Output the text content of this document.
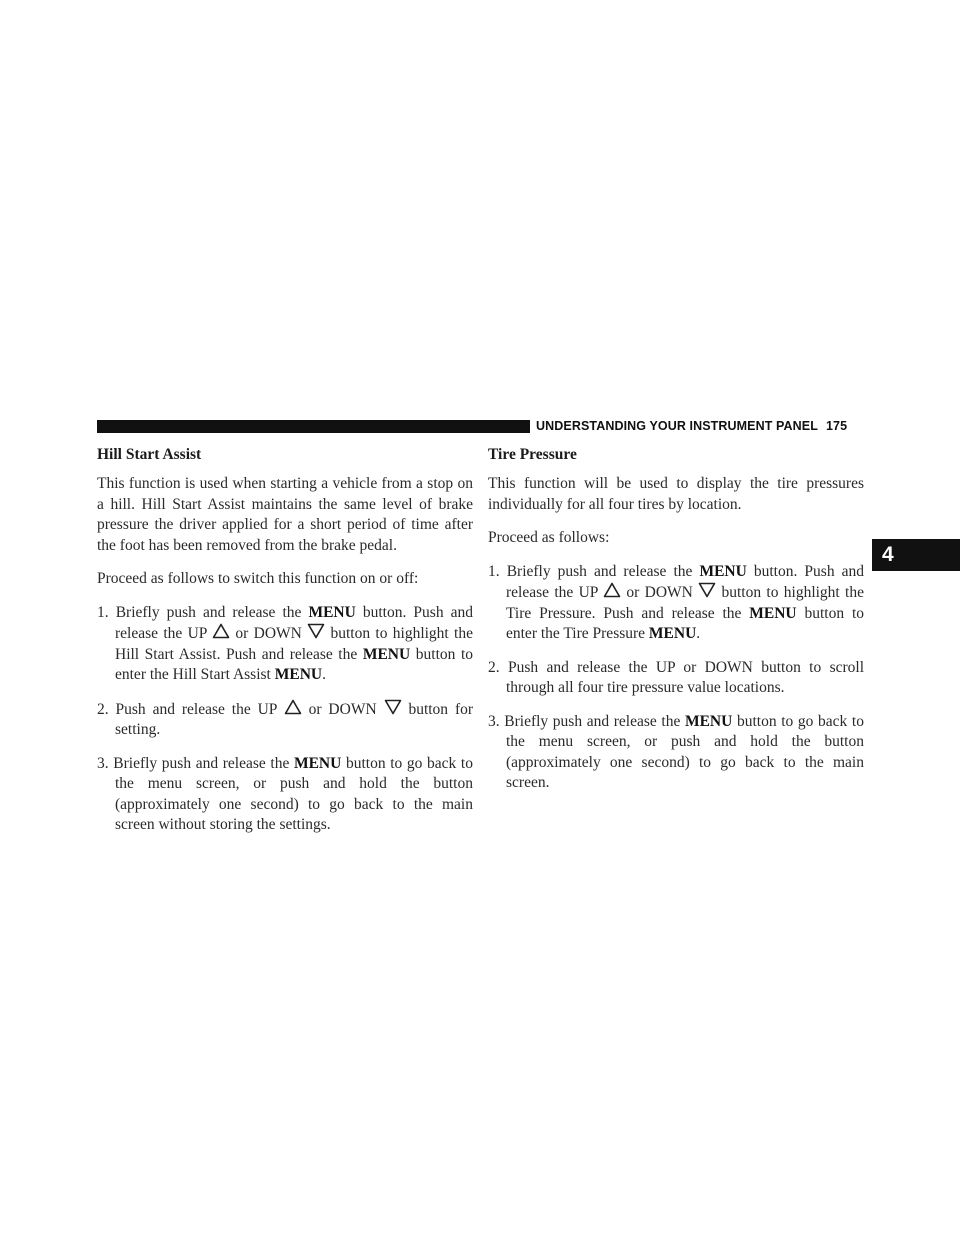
UNDERSTANDING YOUR INSTRUMENT PANEL 175
4
Hill Start Assist

This function is used when starting a vehicle from a stop on a hill. Hill Start Assist maintains the same level of brake pressure the driver applied for a short period of time after the foot has been removed from the brake pedal.

Proceed as follows to switch this function on or off:

1. Briefly push and release the MENU button. Push and release the UP
or DOWN
button to highlight the Hill Start Assist. Push and release the MENU button to enter the Hill Start Assist MENU.
2. Push and release the UP
or DOWN
button for setting.
3. Briefly push and release the MENU button to go back to the menu screen, or push and hold the button (approximately one second) to go back to the main screen without storing the settings.
Tire Pressure

This function will be used to display the tire pressures individually for all four tires by location.

Proceed as follows:

1. Briefly push and release the MENU button. Push and release the UP
or DOWN
button to highlight the Tire Pressure. Push and release the MENU button to enter the Tire Pressure MENU.
2. Push and release the UP or DOWN button to scroll through all four tire pressure value locations.
3. Briefly push and release the MENU button to go back to the menu screen, or push and hold the button (approximately one second) to go back to the main screen.
